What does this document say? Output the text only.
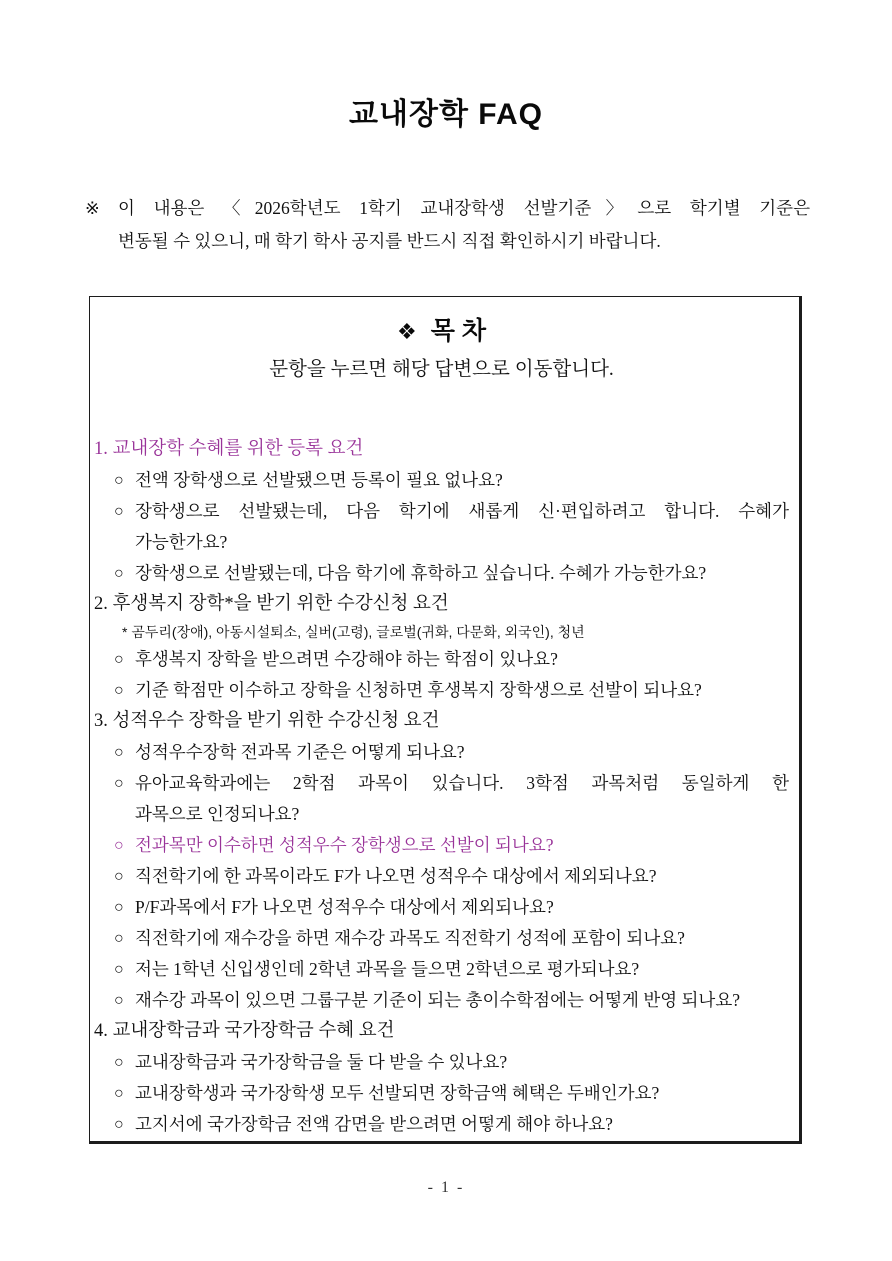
교내장학 FAQ
※	이 내용은 〈2026학년도 1학기 교내장학생 선발기준〉으로 학기별 기준은
변동될 수 있으니, 매 학기 학사 공지를 반드시 직접 확인하시기 바랍니다.
❖ 목 차
문항을 누르면 해당 답변으로 이동합니다.
1. 교내장학 수혜를 위한 등록 요건
○ 전액 장학생으로 선발됐으면 등록이 필요 없나요?
○ 장학생으로 선발됐는데, 다음 학기에 새롭게 신·편입하려고 합니다. 수혜가
가능한가요?
○ 장학생으로 선발됐는데, 다음 학기에 휴학하고 싶습니다. 수혜가 가능한가요?
2. 후생복지 장학*을 받기 위한 수강신청 요건
* 곰두리(장애), 아동시설퇴소, 실버(고령), 글로벌(귀화, 다문화, 외국인), 청년
○ 후생복지 장학을 받으려면 수강해야 하는 학점이 있나요?
○ 기준 학점만 이수하고 장학을 신청하면 후생복지 장학생으로 선발이 되나요?
3. 성적우수 장학을 받기 위한 수강신청 요건
○ 성적우수장학 전과목 기준은 어떻게 되나요?
○ 유아교육학과에는 2학점 과목이 있습니다. 3학점 과목처럼 동일하게 한
과목으로 인정되나요?
○ 전과목만 이수하면 성적우수 장학생으로 선발이 되나요?
○ 직전학기에 한 과목이라도 F가 나오면 성적우수 대상에서 제외되나요?
○ P/F과목에서 F가 나오면 성적우수 대상에서 제외되나요?
○ 직전학기에 재수강을 하면 재수강 과목도 직전학기 성적에 포함이 되나요?
○ 저는 1학년 신입생인데 2학년 과목을 들으면 2학년으로 평가되나요?
○ 재수강 과목이 있으면 그룹구분 기준이 되는 총이수학점에는 어떻게 반영 되나요?
4. 교내장학금과 국가장학금 수혜 요건
○ 교내장학금과 국가장학금을 둘 다 받을 수 있나요?
○ 교내장학생과 국가장학생 모두 선발되면 장학금액 혜택은 두배인가요?
○ 고지서에 국가장학금 전액 감면을 받으려면 어떻게 해야 하나요?
- 1 -
